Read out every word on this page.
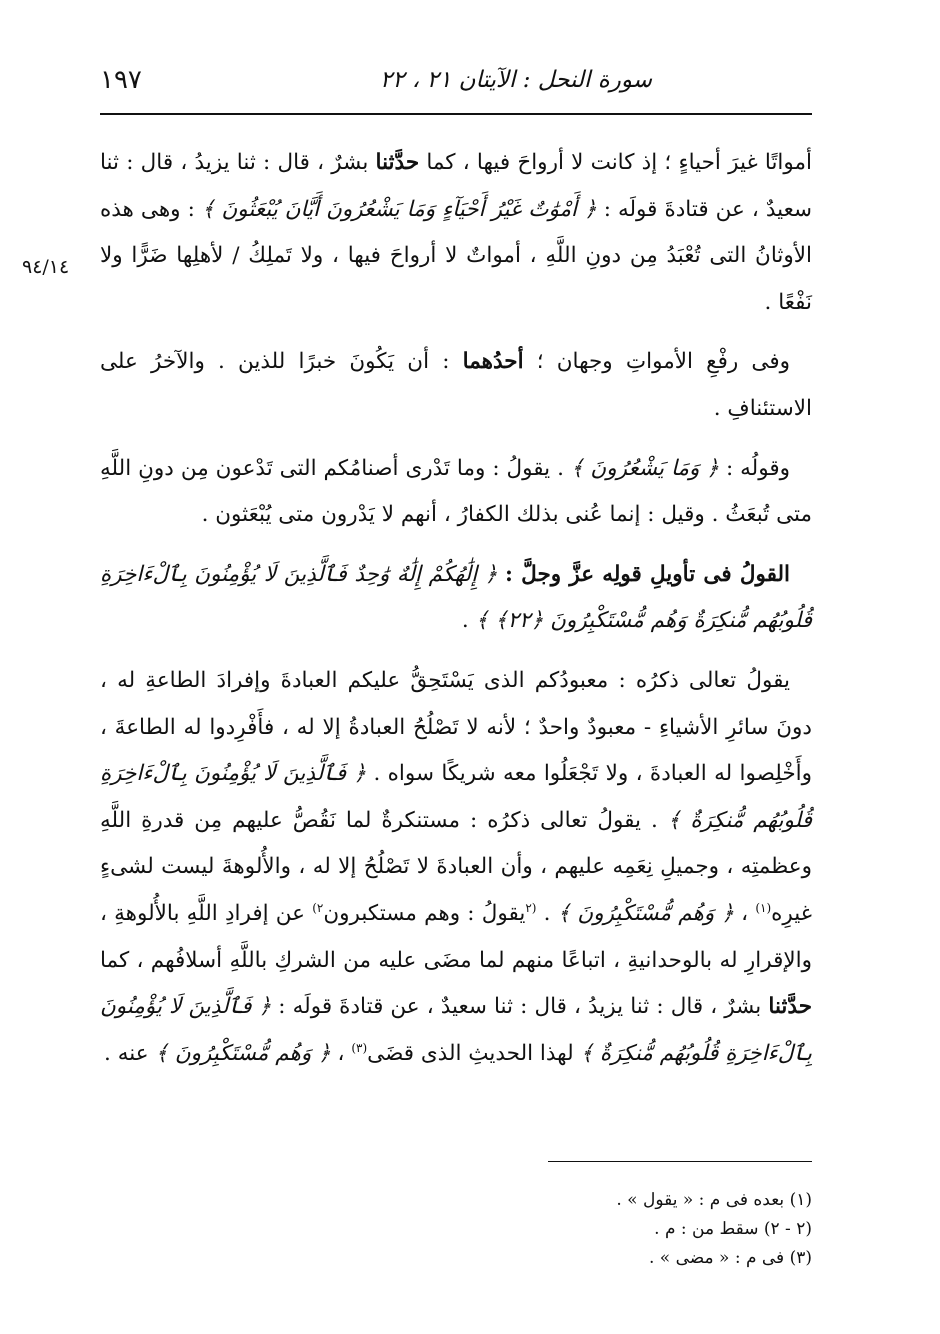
١٩٧	سورة النحل : الآيتان ٢١ ، ٢٢
٩٤/١٤

أمواتًا غيرَ أحياءٍ ؛ إذ كانت لا أرواحَ فيها ، كما حدَّثنا بشرٌ ، قال : ثنا يزيدُ ، قال : ثنا سعيدٌ ، عن قتادةَ قولَه : ﴿ أَمْوَٰتٌ غَيْرُ أَحْيَآءٍ وَمَا يَشْعُرُونَ أَيَّانَ يُبْعَثُونَ ﴾ : وهى هذه الأوثانُ التى تُعْبَدُ مِن دونِ اللَّهِ ، أمواتٌ لا أرواحَ فيها ، ولا تَملِكُ / لأهلِها ضَرًّا ولا نَفْعًا .

وفى رفْعِ الأمواتِ وجهان ؛ أحدُهما : أن يَكُونَ خبرًا للذين . والآخرُ على الاستئنافِ .

وقولُه : ﴿ وَمَا يَشْعُرُونَ ﴾ . يقولُ : وما تَدْرى أصنامُكم التى تَدْعون مِن دونِ اللَّهِ متى تُبعَثُ . وقيل : إنما عُنى بذلك الكفارُ ، أنهم لا يَدْرون متى يُبْعَثون .

القولُ فى تأويلِ قولِه عزَّ وجلَّ : ﴿ إِلَٰهُكُمْ إِلَٰهٌ وَٰحِدٌ فَٱلَّذِينَ لَا يُؤْمِنُونَ بِٱلْءَاخِرَةِ قُلُوبُهُم مُّنكِرَةٌ وَهُم مُّسْتَكْبِرُونَ ﴿٢٢﴾ ﴾ .

يقولُ تعالى ذكرُه : معبودُكم الذى يَسْتَحِقُّ عليكم العبادةَ وإفرادَ الطاعةِ له ، دونَ سائرِ الأشياءِ - معبودٌ واحدٌ ؛ لأنه لا تَصْلُحُ العبادةُ إلا له ، فأَفْرِدوا له الطاعةَ ، وأَخْلِصوا له العبادةَ ، ولا تَجْعَلُوا معه شريكًا سواه . ﴿ فَٱلَّذِينَ لَا يُؤْمِنُونَ بِٱلْءَاخِرَةِ قُلُوبُهُم مُّنكِرَةٌ ﴾ . يقولُ تعالى ذكرُه : مستنكرةٌ لما نَقُصُّ عليهم مِن قدرةِ اللَّهِ وعظمتِه ، وجميلِ نِعَمِه عليهم ، وأن العبادةَ لا تَصْلُحُ إلا له ، والأُلوهةَ ليست لشىءٍ غيرِه$^{(١)}$ ، ﴿ وَهُم مُّسْتَكْبِرُونَ ﴾ . $^{(٢}$يقولُ : وهم مستكبرون$^{٢)}$ عن إفرادِ اللَّهِ بالأُلوهةِ ، والإقرارِ له بالوحدانيةِ ، اتباعًا منهم لما مضَى عليه من الشركِ باللَّهِ أسلافُهم ، كما حدَّثنا بشرٌ ، قال : ثنا يزيدُ ، قال : ثنا سعيدٌ ، عن قتادةَ قولَه : ﴿ فَٱلَّذِينَ لَا يُؤْمِنُونَ بِٱلْءَاخِرَةِ قُلُوبُهُم مُّنكِرَةٌ ﴾ لهذا الحديثِ الذى قضَى$^{(٣)}$ ، ﴿ وَهُم مُّسْتَكْبِرُونَ ﴾ عنه .

(١) بعده فى م : « يقول » .
(٢ - ٢) سقط من : م .
(٣) فى م : « مضى » .
